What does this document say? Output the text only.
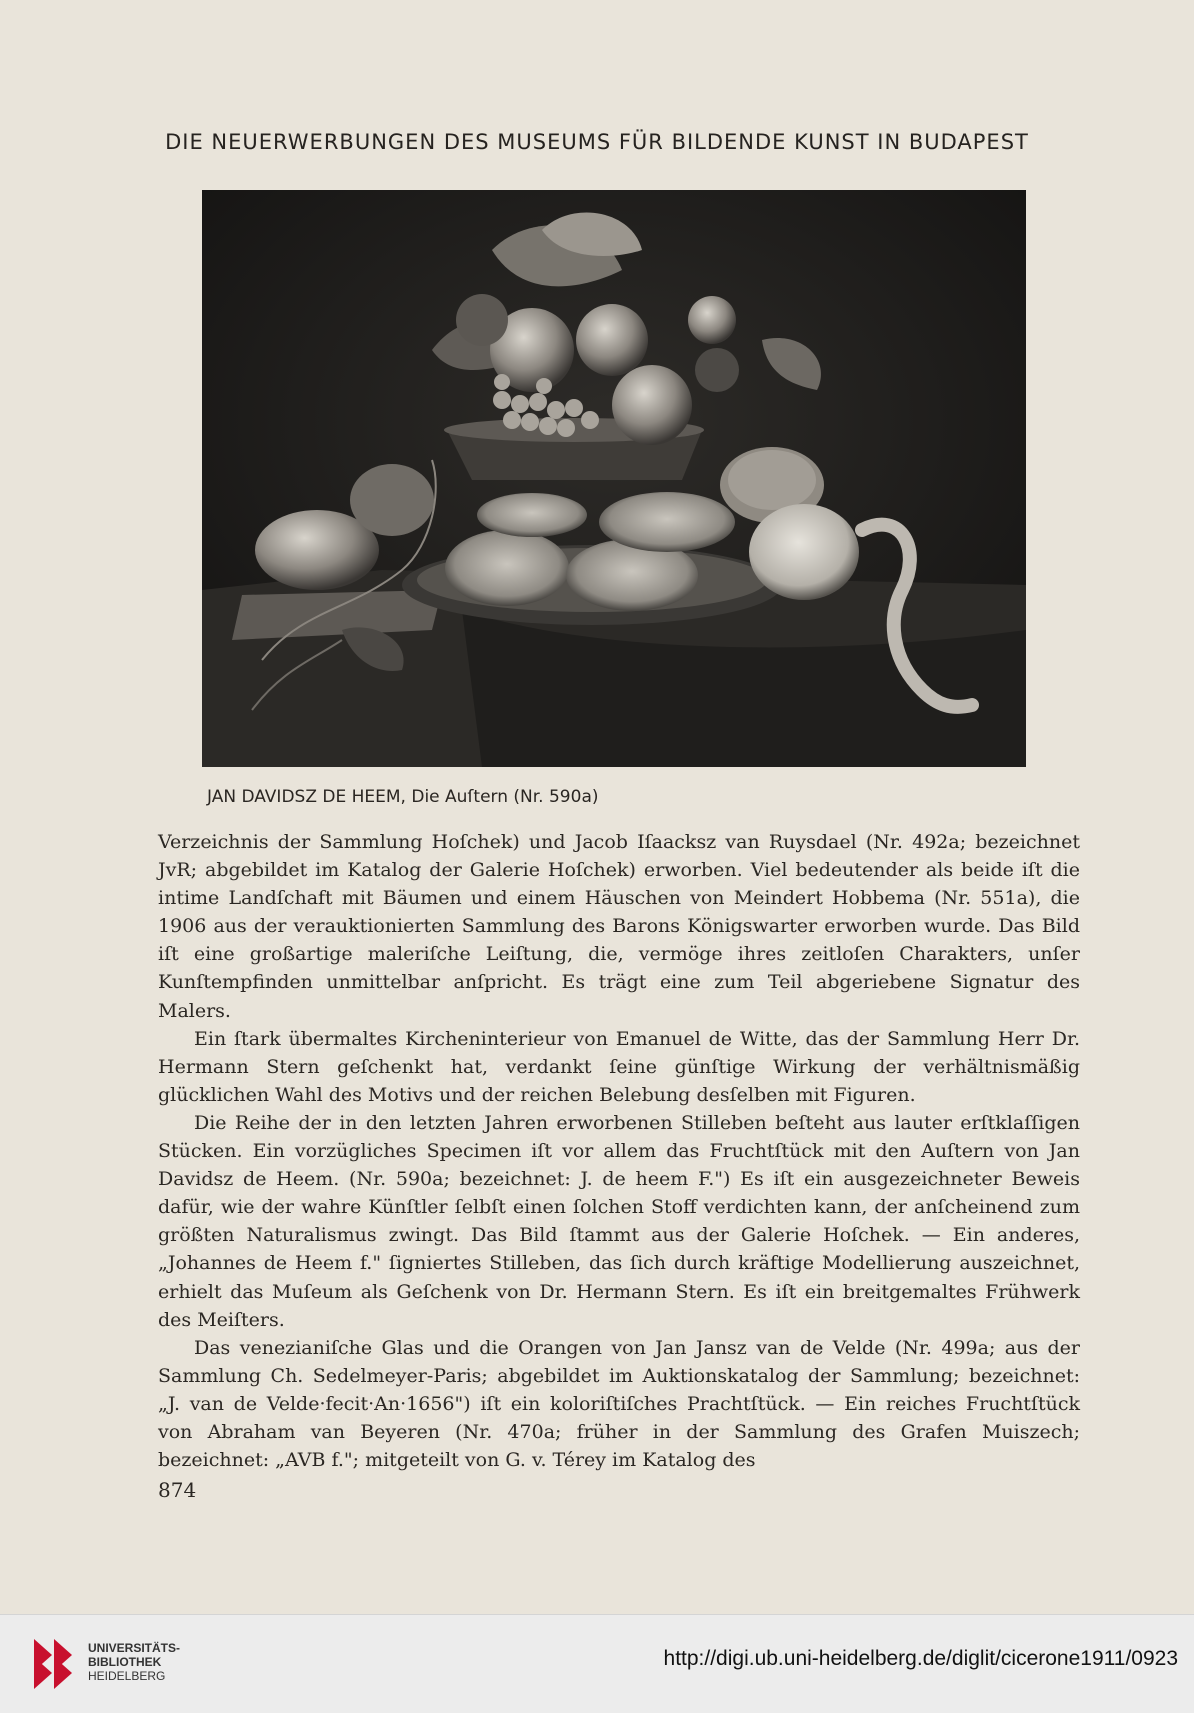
DIE NEUERWERBUNGEN DES MUSEUMS FÜR BILDENDE KUNST IN BUDAPEST
JAN DAVIDSZ DE HEEM, Die Auſtern (Nr. 590a)

Verzeichnis der Sammlung Hoſchek) und Jacob Iſaacksz van Ruysdael (Nr. 492a; bezeichnet JvR; abgebildet im Katalog der Galerie Hoſchek) erworben. Viel bedeutender als beide iſt die intime Landſchaft mit Bäumen und einem Häuschen von Meindert Hobbema (Nr. 551a), die 1906 aus der verauktionierten Sammlung des Barons Königswarter erworben wurde. Das Bild iſt eine großartige maleriſche Leiſtung, die, vermöge ihres zeitloſen Charakters, unſer Kunſtempfinden unmittelbar anſpricht. Es trägt eine zum Teil abgeriebene Signatur des Malers.

Ein ſtark übermaltes Kircheninterieur von Emanuel de Witte, das der Sammlung Herr Dr. Hermann Stern geſchenkt hat, verdankt ſeine günſtige Wirkung der verhältnismäßig glücklichen Wahl des Motivs und der reichen Belebung desſelben mit Figuren.

Die Reihe der in den letzten Jahren erworbenen Stilleben beſteht aus lauter erſtklaſſigen Stücken. Ein vorzügliches Specimen iſt vor allem das Fruchtſtück mit den Auſtern von Jan Davidsz de Heem. (Nr. 590a; bezeichnet: J. de heem F.") Es iſt ein ausgezeichneter Beweis dafür, wie der wahre Künſtler ſelbſt einen ſolchen Stoff verdichten kann, der anſcheinend zum größten Naturalismus zwingt. Das Bild ſtammt aus der Galerie Hoſchek. — Ein anderes, „Johannes de Heem f." ſigniertes Stilleben, das ſich durch kräftige Modellierung auszeichnet, erhielt das Muſeum als Geſchenk von Dr. Hermann Stern. Es iſt ein breitgemaltes Frühwerk des Meiſters.

Das venezianiſche Glas und die Orangen von Jan Jansz van de Velde (Nr. 499a; aus der Sammlung Ch. Sedelmeyer-Paris; abgebildet im Auktionskatalog der Sammlung; bezeichnet: „J. van de Velde·fecit·An·1656") iſt ein koloriſtiſches Prachtſtück. — Ein reiches Fruchtſtück von Abraham van Beyeren (Nr. 470a; früher in der Sammlung des Grafen Muiszech; bezeichnet: „AVB f."; mitgeteilt von G. v. Térey im Katalog des

874
UNIVERSITÄTS-
BIBLIOTHEK
HEIDELBERG
http://digi.ub.uni-heidelberg.de/diglit/cicerone1911/0923
